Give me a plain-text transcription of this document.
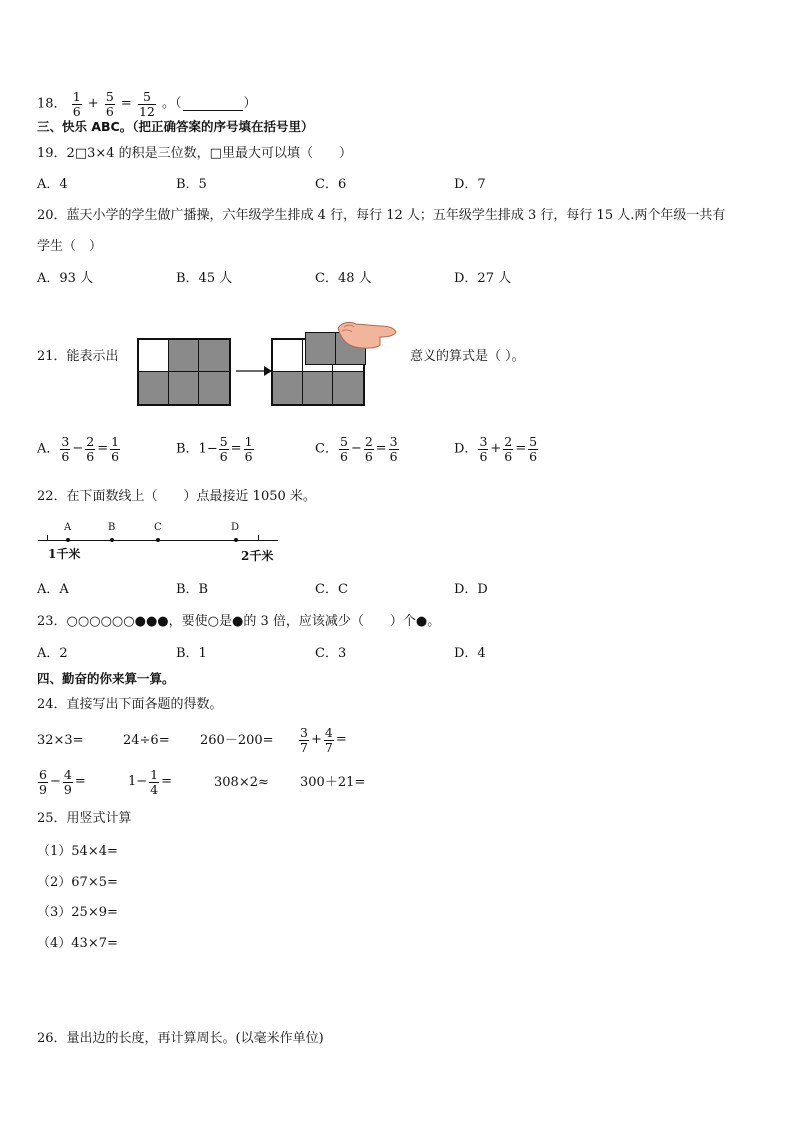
18． $\frac{1}{6} + \frac{5}{6} = \frac{5}{12}$ 。（	）
三、快乐 ABC。（把正确答案的序号填在括号里）
19．2□3×4 的积是三位数，□里最大可以填（　　）
A．4	B．5	C．6	D．7
20．蓝天小学的学生做广播操，六年级学生排成 4 行，每行 12 人；五年级学生排成 3 行，每行 15 人.两个年级一共有
学生（　）
A．93 人	B．45 人	C．48 人	D．27 人
21．能表示出	意义的算式是（ ）。
A． $\frac{3}{6} - \frac{2}{6} = \frac{1}{6}$	B．$1- \frac{5}{6} = \frac{1}{6}$	C． $\frac{5}{6} - \frac{2}{6} = \frac{3}{6}$	D． $\frac{3}{6} + \frac{2}{6} = \frac{5}{6}$
22．在下面数线上（　　）点最接近 1050 米。
A	B	C	D
1千米	2千米
A．A	B．B	C．C	D．D
23．○○○○○○●●●，要使○是●的 3 倍，应该减少（　　）个●。
A．2	B．1	C．3	D．4
四、勤奋的你来算一算。
24．直接写出下面各题的得数。
32×3=	$24\div 6= 260-200= \frac{3}{7} + \frac{4}{7}$ =
$\frac{6}{9} - \frac{4}{9}$ =	$1- \frac{1}{4}$ =	308×2≈ 300＋21=
25．用竖式计算
（1）54×4=
（2）67×5=
（3）25×9=
（4）43×7=
26．量出边的长度，再计算周长。(以毫米作单位)
